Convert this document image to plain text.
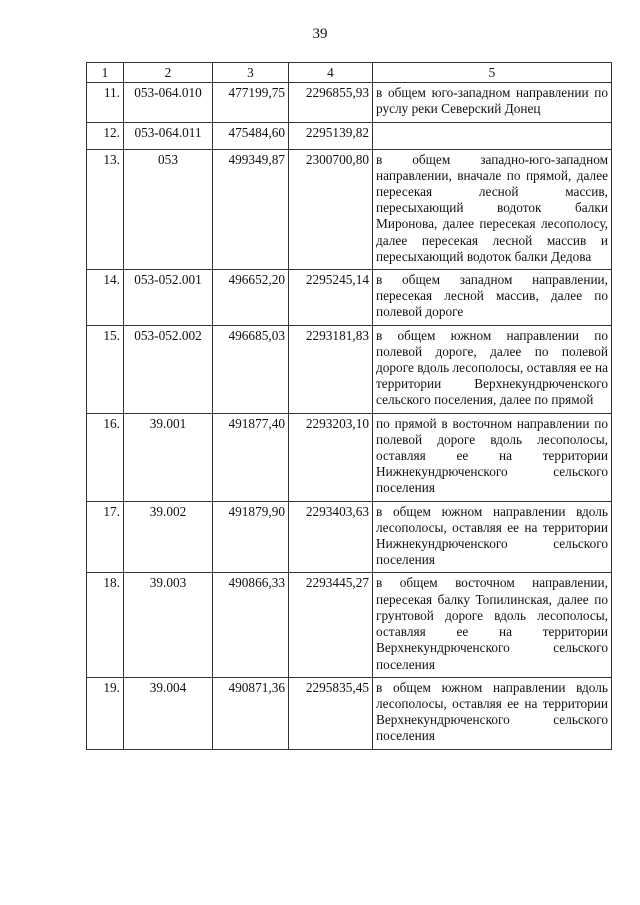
39
1	2	3	4	5
11.	053-064.010	477199,75	2296855,93	в общем юго-западном направлении по руслу реки Северский Донец
12.	053-064.011	475484,60	2295139,82	
13.	053	499349,87	2300700,80	в общем западно-юго-западном направлении, вначале по прямой, далее пересекая лесной массив, пересыхающий водоток балки Миронова, далее пересекая лесополосу, далее пересекая лесной массив и пересыхающий водоток балки Дедова
14.	053-052.001	496652,20	2295245,14	в общем западном направлении, пересекая лесной массив, далее по полевой дороге
15.	053-052.002	496685,03	2293181,83	в общем южном направлении по полевой дороге, далее по полевой дороге вдоль лесополосы, оставляя ее на территории Верхнекундрюченского сельского поселения, далее по прямой
16.	39.001	491877,40	2293203,10	по прямой в восточном направлении по полевой дороге вдоль лесополосы, оставляя ее на территории Нижнекундрюченского сельского поселения
17.	39.002	491879,90	2293403,63	в общем южном направлении вдоль лесополосы, оставляя ее на территории Нижнекундрюченского сельского поселения
18.	39.003	490866,33	2293445,27	в общем восточном направлении, пересекая балку Топилинская, далее по грунтовой дороге вдоль лесополосы, оставляя ее на территории Верхнекундрюченского сельского поселения
19.	39.004	490871,36	2295835,45	в общем южном направлении вдоль лесополосы, оставляя ее на территории Верхнекундрюченского сельского поселения
